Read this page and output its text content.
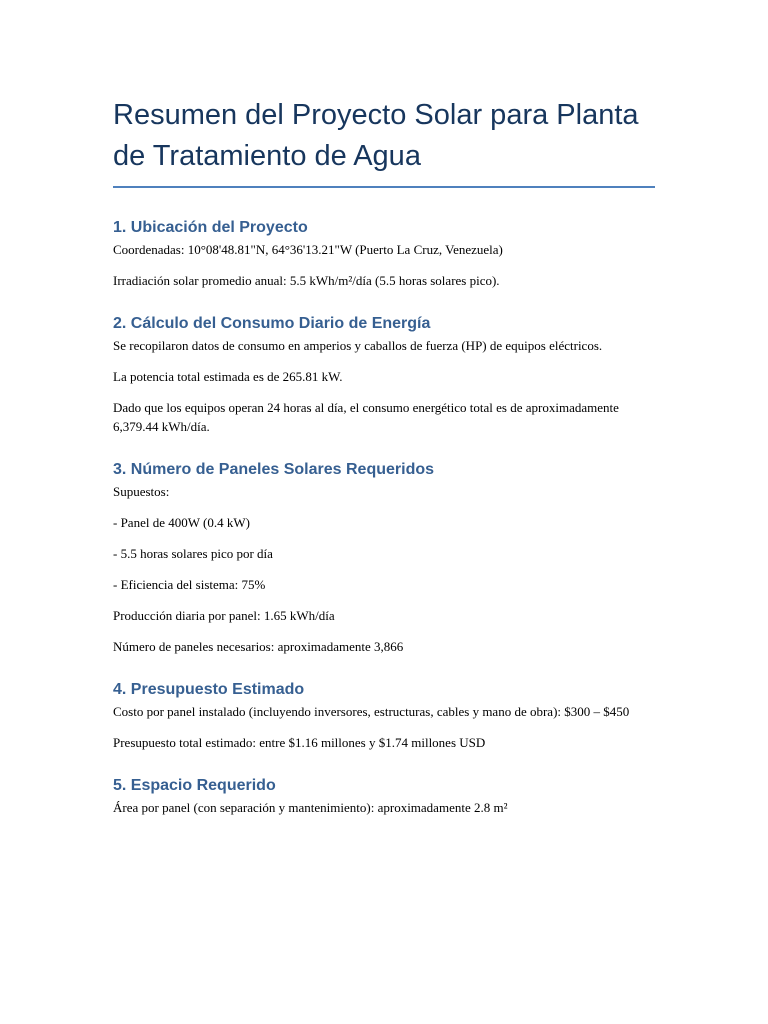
Resumen del Proyecto Solar para Planta de Tratamiento de Agua
1. Ubicación del Proyecto

Coordenadas: 10°08'48.81"N, 64°36'13.21"W (Puerto La Cruz, Venezuela)

Irradiación solar promedio anual: 5.5 kWh/m²/día (5.5 horas solares pico).

2. Cálculo del Consumo Diario de Energía

Se recopilaron datos de consumo en amperios y caballos de fuerza (HP) de equipos eléctricos.

La potencia total estimada es de 265.81 kW.

Dado que los equipos operan 24 horas al día, el consumo energético total es de aproximadamente 6,379.44 kWh/día.

3. Número de Paneles Solares Requeridos

Supuestos:

- Panel de 400W (0.4 kW)

- 5.5 horas solares pico por día

- Eficiencia del sistema: 75%

Producción diaria por panel: 1.65 kWh/día

Número de paneles necesarios: aproximadamente 3,866

4. Presupuesto Estimado

Costo por panel instalado (incluyendo inversores, estructuras, cables y mano de obra): $300 – $450

Presupuesto total estimado: entre $1.16 millones y $1.74 millones USD

5. Espacio Requerido

Área por panel (con separación y mantenimiento): aproximadamente 2.8 m²
